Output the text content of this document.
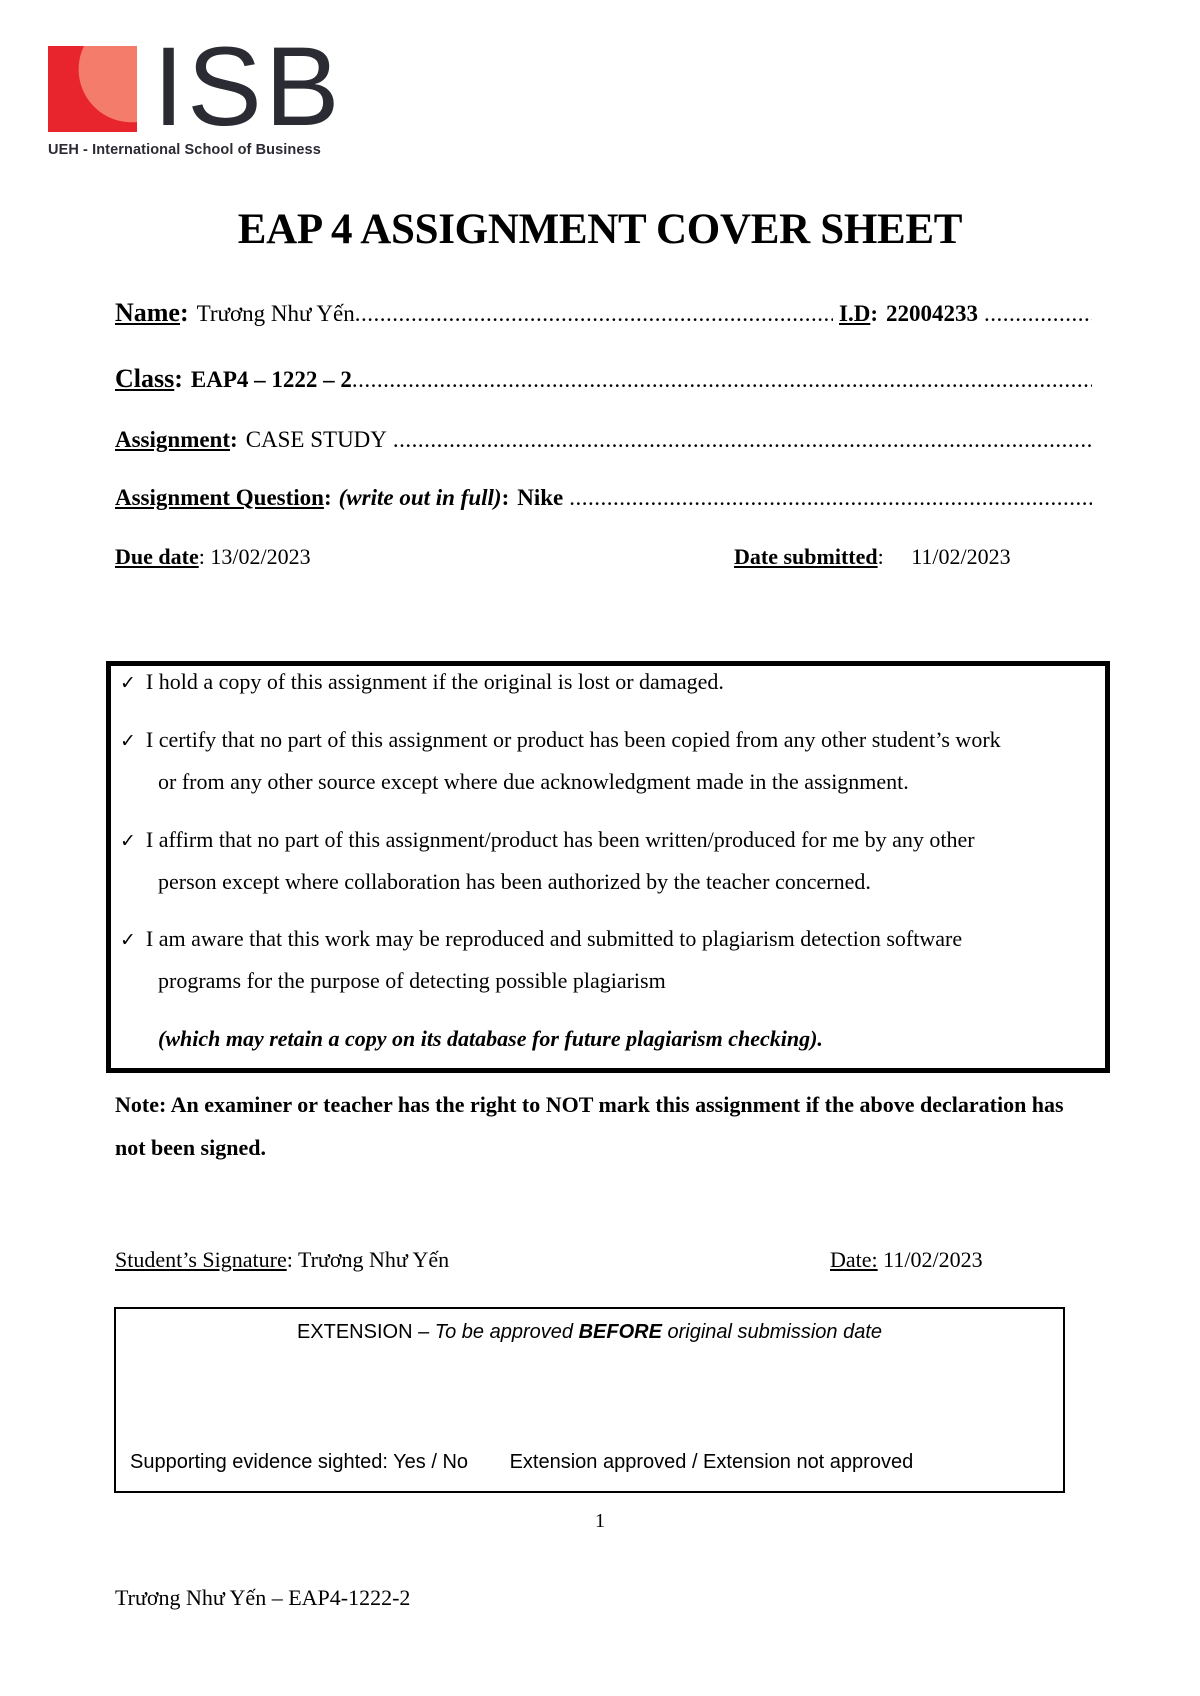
ISB
UEH - International School of Business
EAP 4 ASSIGNMENT COVER SHEET
Name : Trương Như Yến
.....	I.D : 22004233
.....
Class : EAP4 – 1222 – 2
.....
Assignment : CASE STUDY
.....
Assignment Question : (write out in full) : Nike
.....
Due date: 13/02/2023	Date submitted: 11/02/2023
✓ I hold a copy of this assignment if the original is lost or damaged.
✓ I certify that no part of this assignment or product has been copied from any other student’s work
or from any other source except where due acknowledgment made in the assignment.
✓ I affirm that no part of this assignment/product has been written/produced for me by any other
person except where collaboration has been authorized by the teacher concerned.
✓ I am aware that this work may be reproduced and submitted to plagiarism detection software
programs for the purpose of detecting possible plagiarism
(which may retain a copy on its database for future plagiarism checking).
Note: An examiner or teacher has the right to NOT mark this assignment if the above declaration has not been signed.
Student’s Signature: Trương Như Yến	Date: 11/02/2023
EXTENSION – To be approved BEFORE original submission date
Supporting evidence sighted: Yes / No Extension approved / Extension not approved
1
Trương Như Yến – EAP4-1222-2
